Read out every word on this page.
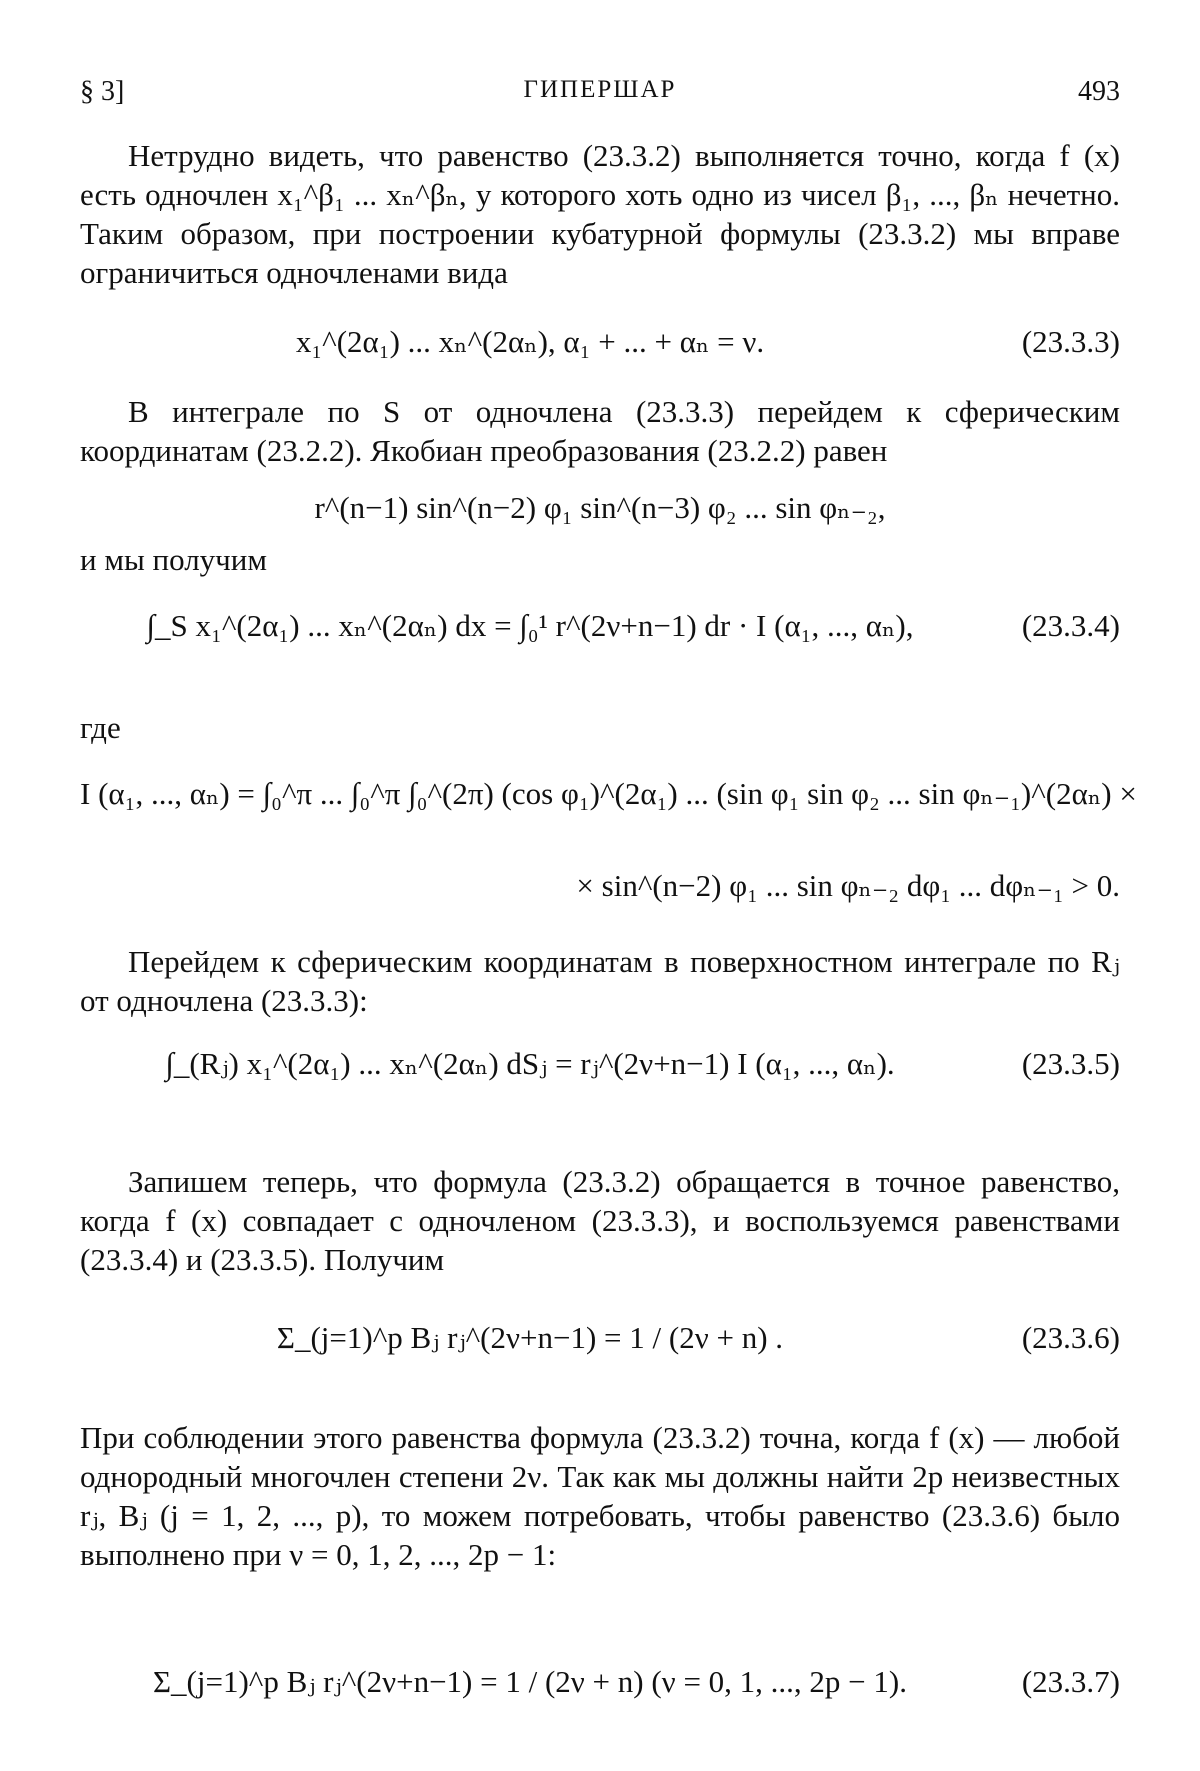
§ 3]	ГИПЕРШАР	493

Нетрудно видеть, что равенство (23.3.2) выполняется точно, когда f (x) есть одночлен x₁^β₁ ... xₙ^βₙ, у которого хоть одно из чисел β₁, ..., βₙ нечетно. Таким образом, при построении кубатурной формулы (23.3.2) мы вправе ограничиться одночленами вида

x₁^(2α₁) ... xₙ^(2αₙ), α₁ + ... + αₙ = ν.	(23.3.3)

В интеграле по S от одночлена (23.3.3) перейдем к сферическим координатам (23.2.2). Якобиан преобразования (23.2.2) равен

r^(n−1) sin^(n−2) φ₁ sin^(n−3) φ₂ ... sin φₙ₋₂,

и мы получим

∫_S x₁^(2α₁) ... xₙ^(2αₙ) dx = ∫₀¹ r^(2ν+n−1) dr · I (α₁, ..., αₙ),	(23.3.4)

где

I (α₁, ..., αₙ) = ∫₀^π ... ∫₀^π ∫₀^(2π) (cos φ₁)^(2α₁) ... (sin φ₁ sin φ₂ ... sin φₙ₋₁)^(2αₙ) ×
× sin^(n−2) φ₁ ... sin φₙ₋₂ dφ₁ ... dφₙ₋₁ > 0.

Перейдем к сферическим координатам в поверхностном интеграле по Rⱼ от одночлена (23.3.3):

∫_(Rⱼ) x₁^(2α₁) ... xₙ^(2αₙ) dSⱼ = rⱼ^(2ν+n−1) I (α₁, ..., αₙ).	(23.3.5)

Запишем теперь, что формула (23.3.2) обращается в точное равенство, когда f (x) совпадает с одночленом (23.3.3), и воспользуемся равенствами (23.3.4) и (23.3.5). Получим

Σ_(j=1)^p Bⱼ rⱼ^(2ν+n−1) = 1 / (2ν + n) .	(23.3.6)

При соблюдении этого равенства формула (23.3.2) точна, когда f (x) — любой однородный многочлен степени 2ν. Так как мы должны найти 2p неизвестных rⱼ, Bⱼ (j = 1, 2, ..., p), то можем потребовать, чтобы равенство (23.3.6) было выполнено при ν = 0, 1, 2, ..., 2p − 1:

Σ_(j=1)^p Bⱼ rⱼ^(2ν+n−1) = 1 / (2ν + n) (ν = 0, 1, ..., 2p − 1).	(23.3.7)
